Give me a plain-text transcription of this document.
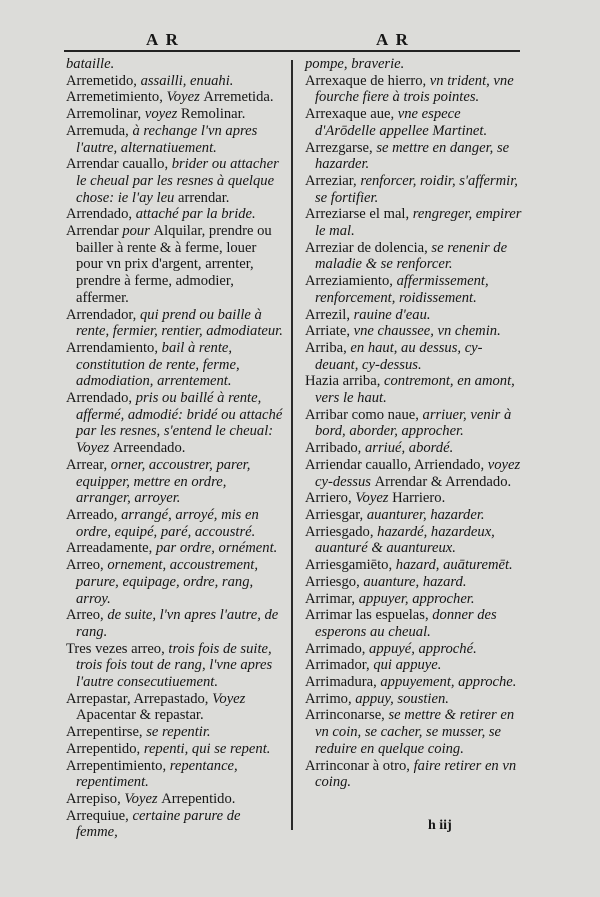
A R	A R

bataille.

Arremetido, assailli, enuahi.

Arremetimiento, Voyez Arremetida.

Arremolinar, voyez Remolinar.

Arremuda, à rechange l'vn apres l'autre, alternatiuement.

Arrendar cauallo, brider ou attacher le cheual par les resnes à quelque chose: ie l'ay leu arrendar.

Arrendado, attaché par la bride.

Arrendar pour Alquilar, prendre ou bailler à rente & à ferme, louer pour vn prix d'argent, arrenter, prendre à ferme, admodier, affermer.

Arrendador, qui prend ou baille à rente, fermier, rentier, admodiateur.

Arrendamiento, bail à rente, constitution de rente, ferme, admodiation, arrentement.

Arrendado, pris ou baillé à rente, affermé, admodié: bridé ou attaché par les resnes, s'entend le cheual: Voyez Arreendado.

Arrear, orner, accoustrer, parer, equipper, mettre en ordre, arranger, arroyer.

Arreado, arrangé, arroyé, mis en ordre, equipé, paré, accoustré.

Arreadamente, par ordre, ornément.

Arreo, ornement, accoustrement, parure, equipage, ordre, rang, arroy.

Arreo, de suite, l'vn apres l'autre, de rang.

Tres vezes arreo, trois fois de suite, trois fois tout de rang, l'vne apres l'autre consecutiuement.

Arrepastar, Arrepastado, Voyez Apacentar & repastar.

Arrepentirse, se repentir.

Arrepentido, repenti, qui se repent.

Arrepentimiento, repentance, repentiment.

Arrepiso, Voyez Arrepentido.

Arrequiue, certaine parure de femme,

pompe, braverie.

Arrexaque de hierro, vn trident, vne fourche fiere à trois pointes.

Arrexaque aue, vne espece d'Arōdelle appellee Martinet.

Arrezgarse, se mettre en danger, se hazarder.

Arreziar, renforcer, roidir, s'affermir, se fortifier.

Arreziarse el mal, rengreger, empirer le mal.

Arreziar de dolencia, se renenir de maladie & se renforcer.

Arreziamiento, affermissement, renforcement, roidissement.

Arrezil, rauine d'eau.

Arriate, vne chaussee, vn chemin.

Arriba, en haut, au dessus, cy-deuant, cy-dessus.

Hazia arriba, contremont, en amont, vers le haut.

Arribar como naue, arriuer, venir à bord, aborder, approcher.

Arribado, arriué, abordé.

Arriendar cauallo, Arriendado, voyez cy-dessus Arrendar & Arrendado.

Arriero, Voyez Harriero.

Arriesgar, auanturer, hazarder.

Arriesgado, hazardé, hazardeux, auanturé & auantureux.

Arriesgamiēto, hazard, auāturemēt.

Arriesgo, auanture, hazard.

Arrimar, appuyer, approcher.

Arrimar las espuelas, donner des esperons au cheual.

Arrimado, appuyé, approché.

Arrimador, qui appuye.

Arrimadura, appuyement, approche.

Arrimo, appuy, soustien.

Arrinconarse, se mettre & retirer en vn coin, se cacher, se musser, se reduire en quelque coing.

Arrinconar à otro, faire retirer en vn coing.

h iij
